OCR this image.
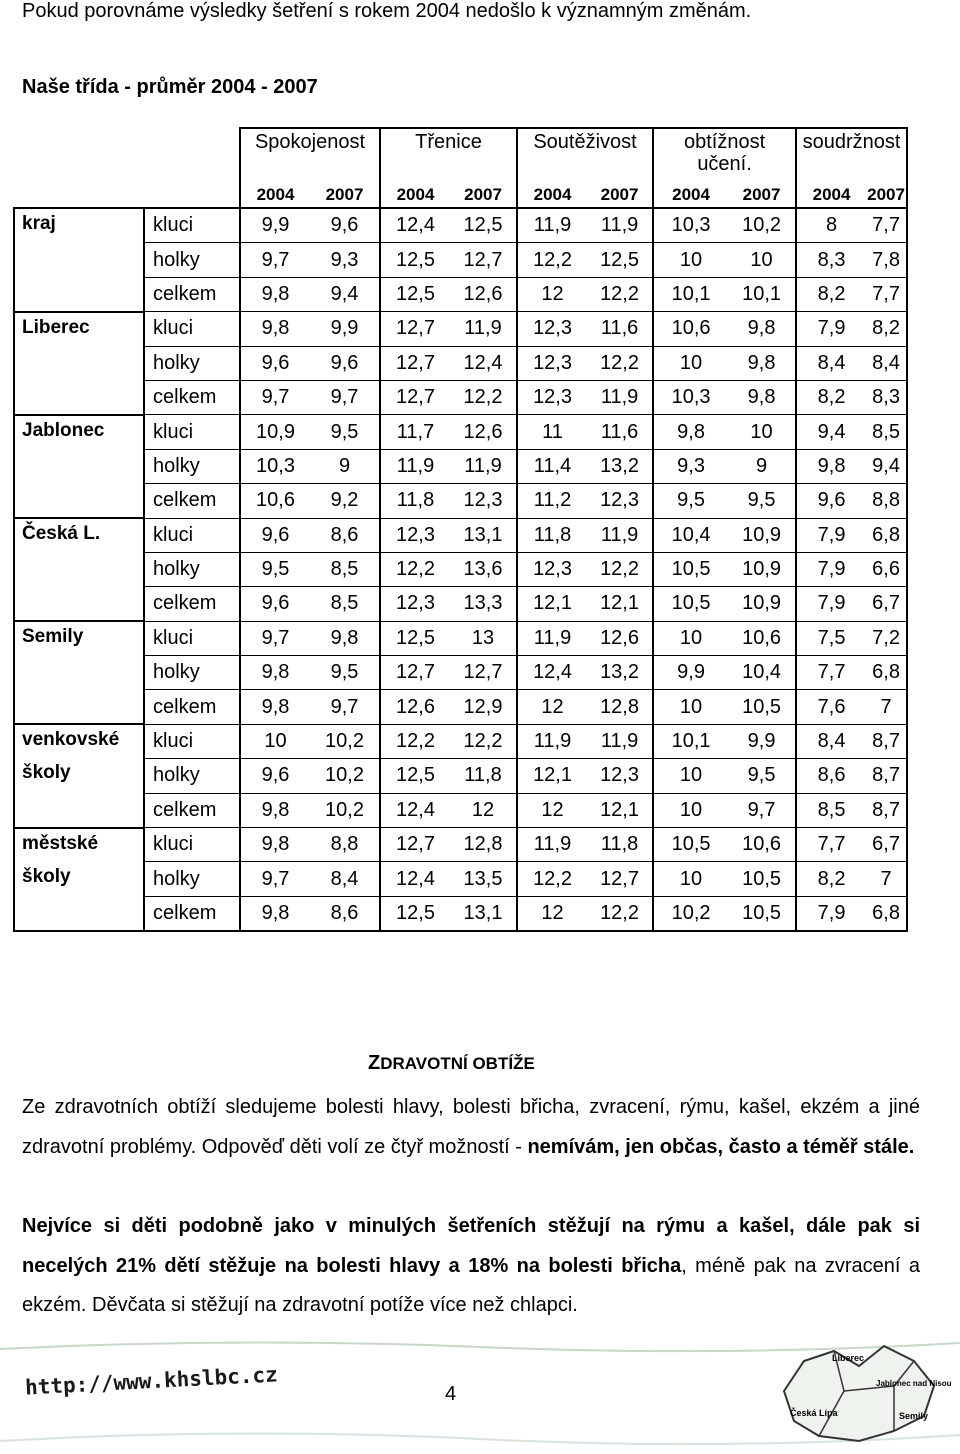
Pokud porovnáme výsledky šetření s rokem 2004 nedošlo k významným změnám.
Naše třída - průměr 2004 - 2007
		Spokojenost		Třenice		Soutěživost		obtížnost učení.		soudržnost	
		2004	2007	2004	2007	2004	2007	2004	2007	2004	2007

kraj	kluci	9,9	9,6	12,4	12,5	11,9	11,9	10,3	10,2	8	7,7
	holky	9,7	9,3	12,5	12,7	12,2	12,5	10	10	8,3	7,8
	celkem	9,8	9,4	12,5	12,6	12	12,2	10,1	10,1	8,2	7,7

Liberec	kluci	9,8	9,9	12,7	11,9	12,3	11,6	10,6	9,8	7,9	8,2
	holky	9,6	9,6	12,7	12,4	12,3	12,2	10	9,8	8,4	8,4
	celkem	9,7	9,7	12,7	12,2	12,3	11,9	10,3	9,8	8,2	8,3

Jablonec	kluci	10,9	9,5	11,7	12,6	11	11,6	9,8	10	9,4	8,5
	holky	10,3	9	11,9	11,9	11,4	13,2	9,3	9	9,8	9,4
	celkem	10,6	9,2	11,8	12,3	11,2	12,3	9,5	9,5	9,6	8,8

Česká L.	kluci	9,6	8,6	12,3	13,1	11,8	11,9	10,4	10,9	7,9	6,8
	holky	9,5	8,5	12,2	13,6	12,3	12,2	10,5	10,9	7,9	6,6
	celkem	9,6	8,5	12,3	13,3	12,1	12,1	10,5	10,9	7,9	6,7

Semily	kluci	9,7	9,8	12,5	13	11,9	12,6	10	10,6	7,5	7,2
	holky	9,8	9,5	12,7	12,7	12,4	13,2	9,9	10,4	7,7	6,8
	celkem	9,8	9,7	12,6	12,9	12	12,8	10	10,5	7,6	7

venkovské
školy	kluci	10	10,2	12,2	12,2	11,9	11,9	10,1	9,9	8,4	8,7
	holky	9,6	10,2	12,5	11,8	12,1	12,3	10	9,5	8,6	8,7
	celkem	9,8	10,2	12,4	12	12	12,1	10	9,7	8,5	8,7

městské
školy	kluci	9,8	8,8	12,7	12,8	11,9	11,8	10,5	10,6	7,7	6,7
	holky	9,7	8,4	12,4	13,5	12,2	12,7	10	10,5	8,2	7
	celkem	9,8	8,6	12,5	13,1	12	12,2	10,2	10,5	7,9	6,8
ZDRAVOTNÍ OBTÍŽE
Ze zdravotních obtíží sledujeme bolesti hlavy, bolesti břicha, zvracení, rýmu, kašel, ekzém a jiné zdravotní problémy. Odpověď děti volí ze čtyř možností - nemívám, jen občas, často a téměř stále.
Nejvíce si děti podobně jako v minulých šetřeních stěžují na rýmu a kašel, dále pak si necelých 21% dětí stěžuje na bolesti hlavy a 18% na bolesti břicha, méně pak na zvracení a ekzém. Děvčata si stěžují na zdravotní potíže více než chlapci.
http://www.khslbc.cz	4
Liberec
Česká Lípa
Jablonec nad Nisou
Semily
